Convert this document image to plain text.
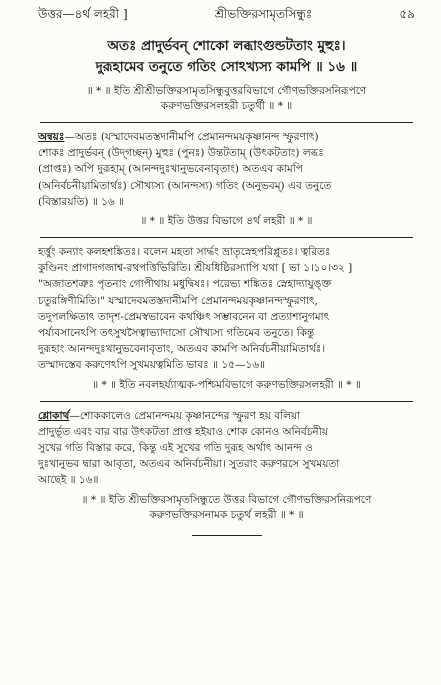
উত্তর—৪র্থ লহরী ]	শ্রীভক্তিরসামৃতসিন্ধুঃ	৫৯
অতঃ প্রাদুর্ভবন্ শোকো লব্ধাংগুন্ডটতাং মুহুঃ।
দুরূহামেব তনুতে গতিং সোঽখ্যস্য কামপি ॥ ১৬ ॥
॥ * ॥ ইতি শ্রীশ্রীভক্তিরসামৃতসিন্ধুবুত্তরবিভাগে গৌণভক্তিরসনিরূপণে
করুণভক্তিরসলহরী চতুর্থী ॥ * ॥
অন্বয়ঃ—অতঃ (যস্মাদেবমতস্তদানীমপি প্রেমানন্দময়কৃষ্ণানন্দ স্ফুরণাৎ)
শোকঃ প্রাদুর্ভবন্ (উদ্‌গচ্ছন্) মুহুঃ (পুনঃ) উন্তটতাম্ (উৎকটতাং) লব্ধঃ
(প্রাপ্তঃ) অপি দুরূহাম্ (আনন্দদুঃখানুভবেনাবৃতাং) অতএব কামপি
(অনির্বচনীয়ামিতার্থঃ) সৌখ্যস্য (আনন্দস্য) গতিং (অনুভবম্) এব তনুতে
(বিস্তারয়তি) ॥ ১৬ ॥
॥ * ॥ ইতি উত্তর বিভাগে ৪র্থ লহরী ॥ * ॥
হর্ত্তুং কন্যাং কলহশঙ্কিতঃ। বলেন মহতা সার্দ্ধং ভ্রাতৃস্নেহপরিপ্লুতঃ। ত্বরিতঃ
কুণ্ডিনং প্রাগাদগজাশ্ব-রথপত্তিভিরিতি। শ্রীযধিষ্ঠিরস্যাপি যথা [ ভা ১।১০।৩২ ]
"অজাতশত্রুঃ পৃতনাং গোপীথায় মধুদ্বিষঃ। পরেভ্য শঙ্কিতঃ স্নেহাদ্যাযুঙ্ক্ত
চতুরঙ্গিণীমিতি।" যস্মাদেবমতস্তদানীমপি প্রেমানন্দময়কৃষ্ণানন্দস্ফুরণাৎ,
তদুপলক্ষিতাৎ তাদৃশ-প্রেমস্বভাবেন কথঞ্চিৎ সম্ভাবনেন বা প্রত্যাশানুগমাৎ
পর্য্যবসানেঽপি তৎসুখসৈত্বাভ্যাদাসো সৌখ্যস্য গতিমেব তনুতে। কিন্তু
দুরূহাং আনন্দদুঃখানুভবেনাবৃতাং, অতএব কামপি অনির্বচনীয়ামিতার্থঃ।
তস্মাদস্তেব করুণেঽপি সুখময়ত্বমিতি ভাবঃ ॥ ১৫—১৬॥
॥ * ॥ ইতি নবলহর্য্যাত্মক-পশ্চিমবিভাগে করুণভক্তিরসলহরী ॥ * ॥
শ্লোকার্থ—শোককালেও প্রেমানন্দময় কৃষ্ণানন্দের স্ফুরণ হয় বলিয়া
প্রাদুর্ভূত এবং বার বার উৎকটতা প্রাপ্ত হইয়াও শোক কোনও অনির্বচনীয়
সুখের গতি বিস্তার করে, কিন্তু এই সুখের গতি দুরূহ অর্থাৎ আনন্দ ও
দুঃখানুভব দ্বারা আবৃতা, অতএব অনির্বচনীয়া। সুতরাং করুণরসে সুখময়তা
আছেই ॥ ১৬॥
॥ * ॥ ইতি শ্রীভক্তিরসামৃতসিন্ধুতে উত্তর বিভাগে গৌণভক্তিরসনিরূপণে
করুণভক্তিরসনামক চতুর্থ লহরী ॥ * ॥
